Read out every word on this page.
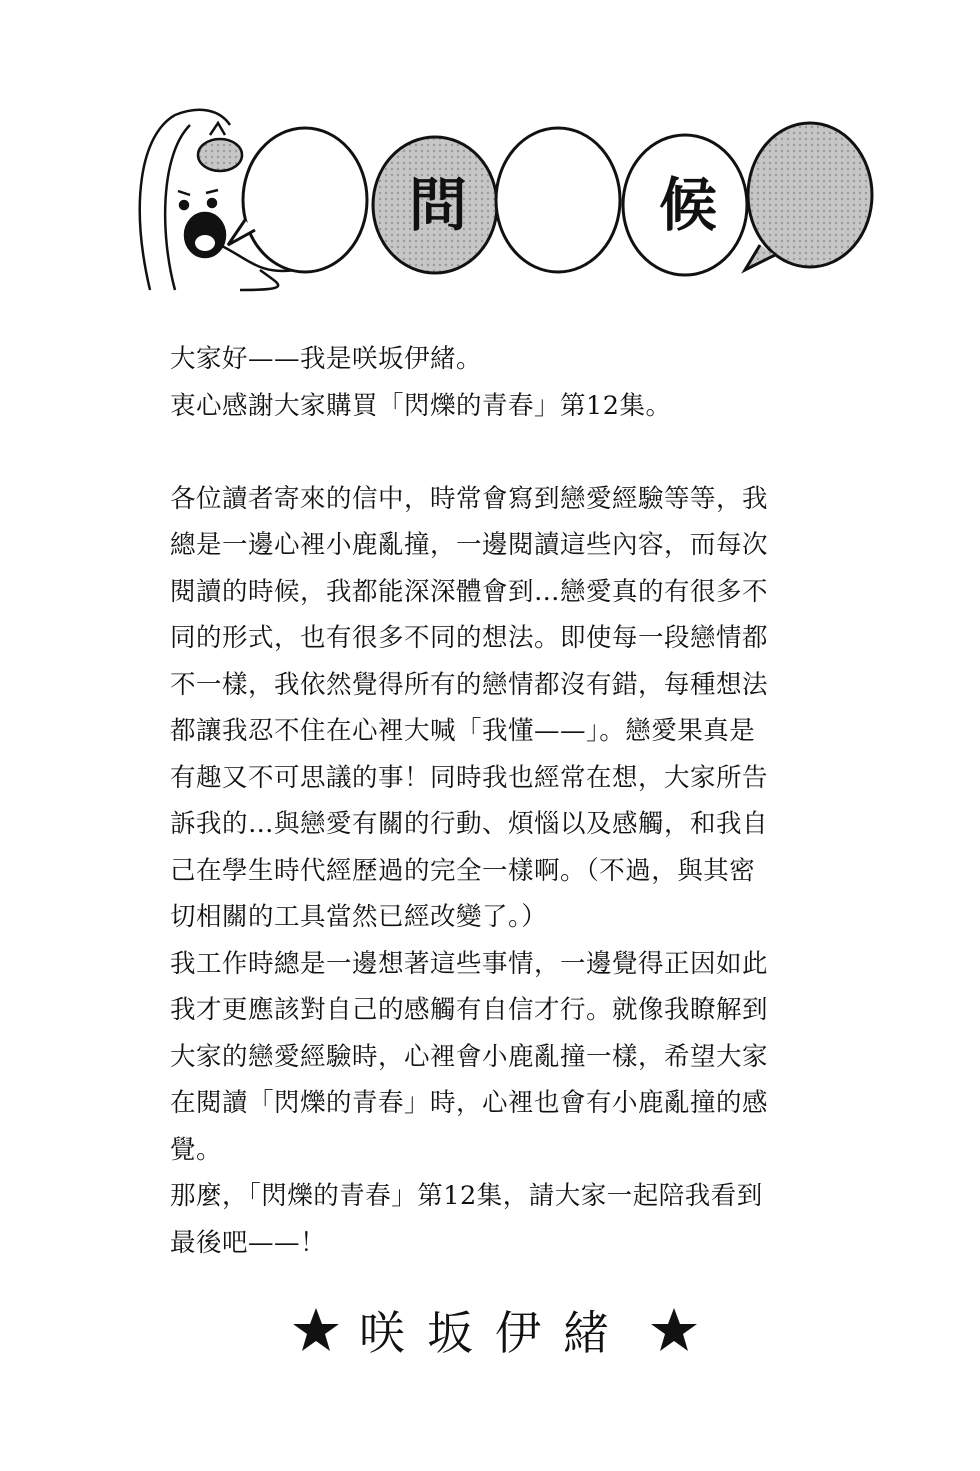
問	候

大家好——我是咲坂伊緒。

衷心感謝大家購買「閃爍的青春」第12集。

各位讀者寄來的信中，時常會寫到戀愛經驗等等，我

總是一邊心裡小鹿亂撞，一邊閱讀這些內容，而每次

閱讀的時候，我都能深深體會到…戀愛真的有很多不

同的形式，也有很多不同的想法。即使每一段戀情都

不一樣，我依然覺得所有的戀情都沒有錯，每種想法

都讓我忍不住在心裡大喊「我懂——」。戀愛果真是

有趣又不可思議的事！同時我也經常在想，大家所告

訴我的…與戀愛有關的行動、煩惱以及感觸，和我自

己在學生時代經歷過的完全一樣啊。（不過，與其密

切相關的工具當然已經改變了。）

我工作時總是一邊想著這些事情，一邊覺得正因如此

我才更應該對自己的感觸有自信才行。就像我瞭解到

大家的戀愛經驗時，心裡會小鹿亂撞一樣，希望大家

在閱讀「閃爍的青春」時，心裡也會有小鹿亂撞的感

覺。

那麼，「閃爍的青春」第12集，請大家一起陪我看到

最後吧——！

咲坂伊緒
